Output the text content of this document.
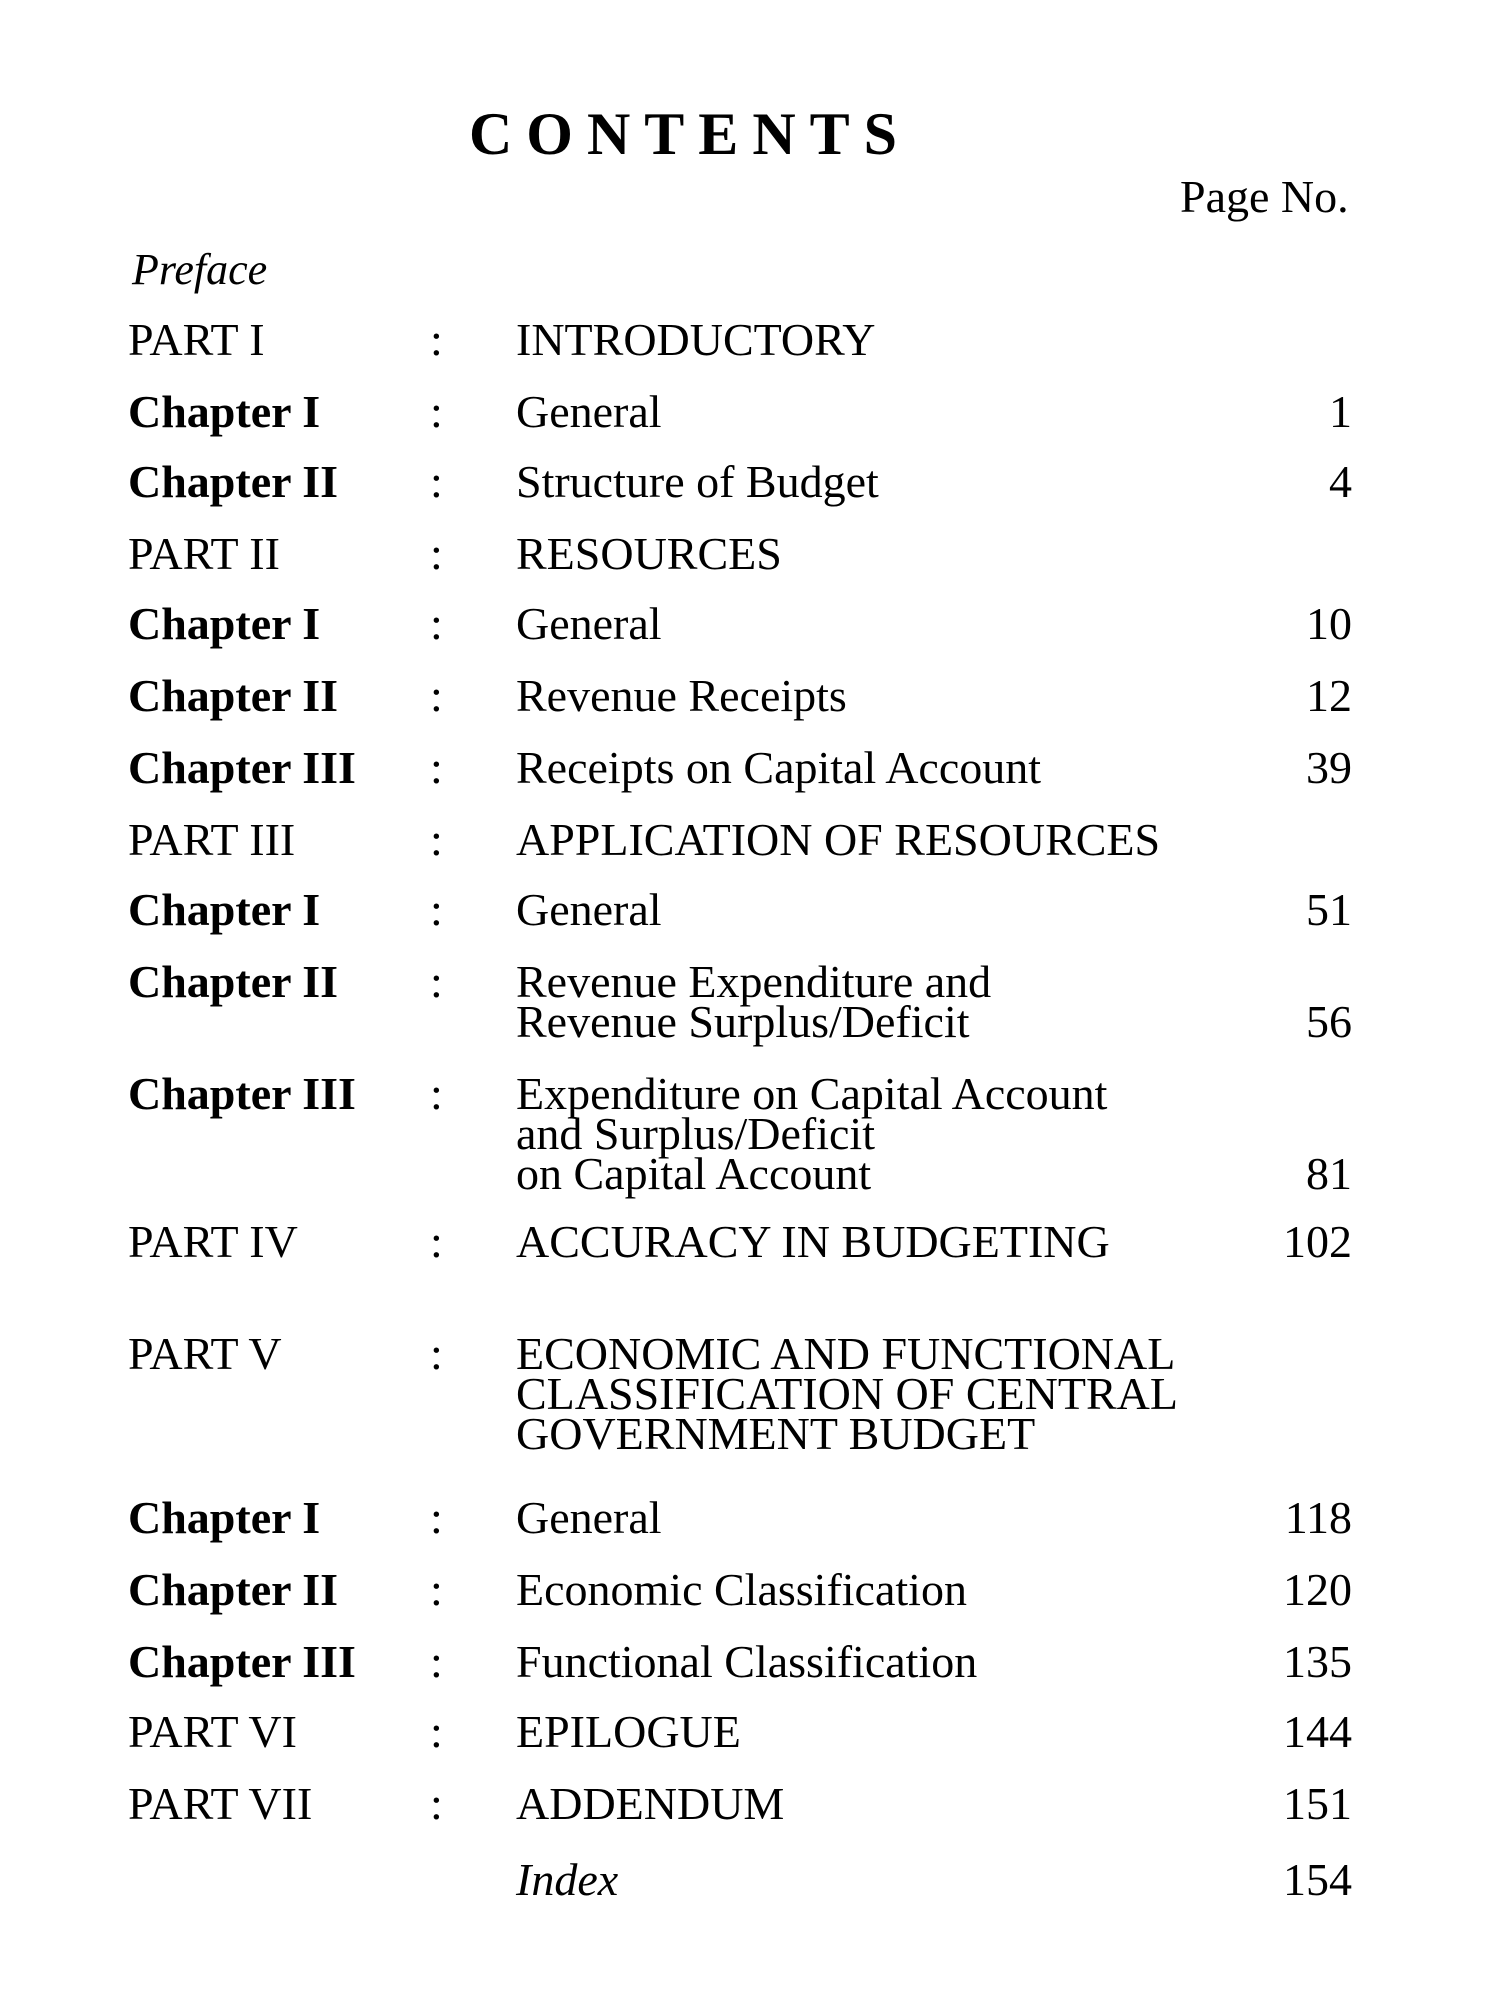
CONTENTS
Page No.
Preface
PART I	: INTRODUCTORY
Chapter I : General	1
Chapter II : Structure of Budget	4
PART II	: RESOURCES
Chapter I : General	10
Chapter II : Revenue Receipts	12
Chapter III : Receipts on Capital Account	39
PART III	: APPLICATION OF RESOURCES
Chapter I : General	51
Chapter II : Revenue Expenditure and
Revenue Surplus/Deficit	56
Chapter III : Expenditure on Capital Account
and Surplus/Deficit
on Capital Account	81
PART IV	: ACCURACY IN BUDGETING	102
PART V	: ECONOMIC AND FUNCTIONAL
CLASSIFICATION OF CENTRAL
GOVERNMENT BUDGET
Chapter I : General	118
Chapter II : Economic Classification	120
Chapter III : Functional Classification	135
PART VI	: EPILOGUE	144
PART VII	: ADDENDUM	151
Index	154
